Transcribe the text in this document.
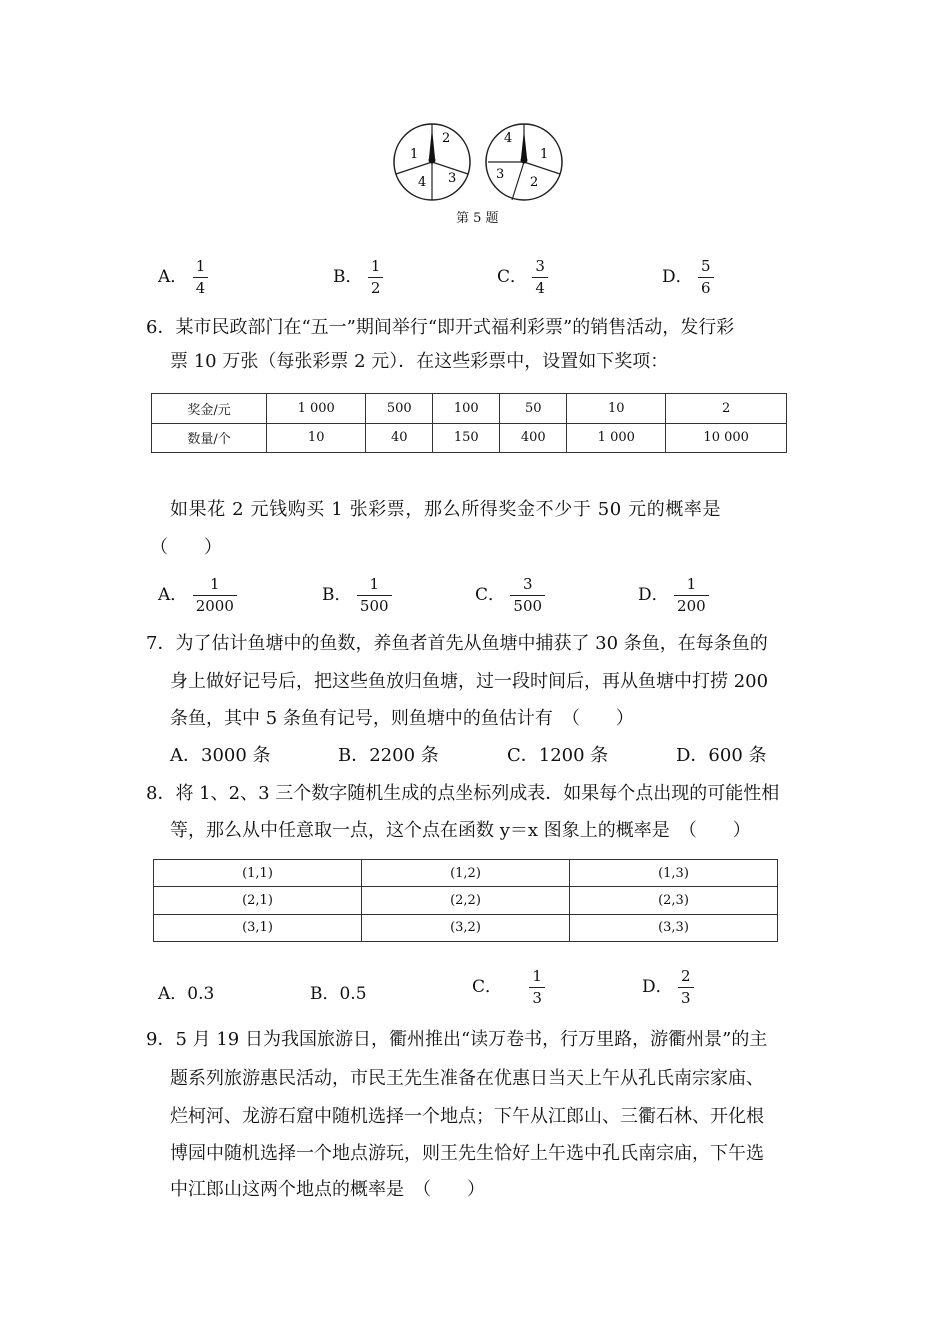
1
2
3
4
4
1
2
3
第 5 题
A． $\frac{1}{4}$	B． $\frac{1}{2}$	C． $\frac{3}{4}$	D． $\frac{5}{6}$
6．某市民政部门在“五一”期间举行“即开式福利彩票”的销售活动，发行彩
票 10 万张（每张彩票 2 元）．在这些彩票中，设置如下奖项：
奖金/元	1 000	500	100	50	10	2
数量/个	10	40	150	400	1 000	10 000
如果花 2 元钱购买 1 张彩票，那么所得奖金不少于 50 元的概率是
（　　）
A． $\frac{1}{2000}$	B． $\frac{1}{500}$	C． $\frac{3}{500}$	D． $\frac{1}{200}$
7．为了估计鱼塘中的鱼数，养鱼者首先从鱼塘中捕获了 30 条鱼，在每条鱼的
身上做好记号后，把这些鱼放归鱼塘，过一段时间后，再从鱼塘中打捞 200
条鱼，其中 5 条鱼有记号，则鱼塘中的鱼估计有　（　　）
A．3000 条	B．2200 条	C．1200 条	D．600 条
8．将 1、2、3 三个数字随机生成的点坐标列成表．如果每个点出现的可能性相
等，那么从中任意取一点，这个点在函数 y＝x 图象上的概率是　（　　）
(1,1)	(1,2)	(1,3)
(2,1)	(2,2)	(2,3)
(3,1)	(3,2)	(3,3)
A．0.3	B．0.5	C． $\frac{1}{3}$	D． $\frac{2}{3}$
9．5 月 19 日为我国旅游日，衢州推出“读万卷书，行万里路，游衢州景”的主
题系列旅游惠民活动，市民王先生准备在优惠日当天上午从孔氏南宗家庙、
烂柯河、龙游石窟中随机选择一个地点；下午从江郎山、三衢石林、开化根
博园中随机选择一个地点游玩，则王先生恰好上午选中孔氏南宗庙，下午选
中江郎山这两个地点的概率是　（　　）
